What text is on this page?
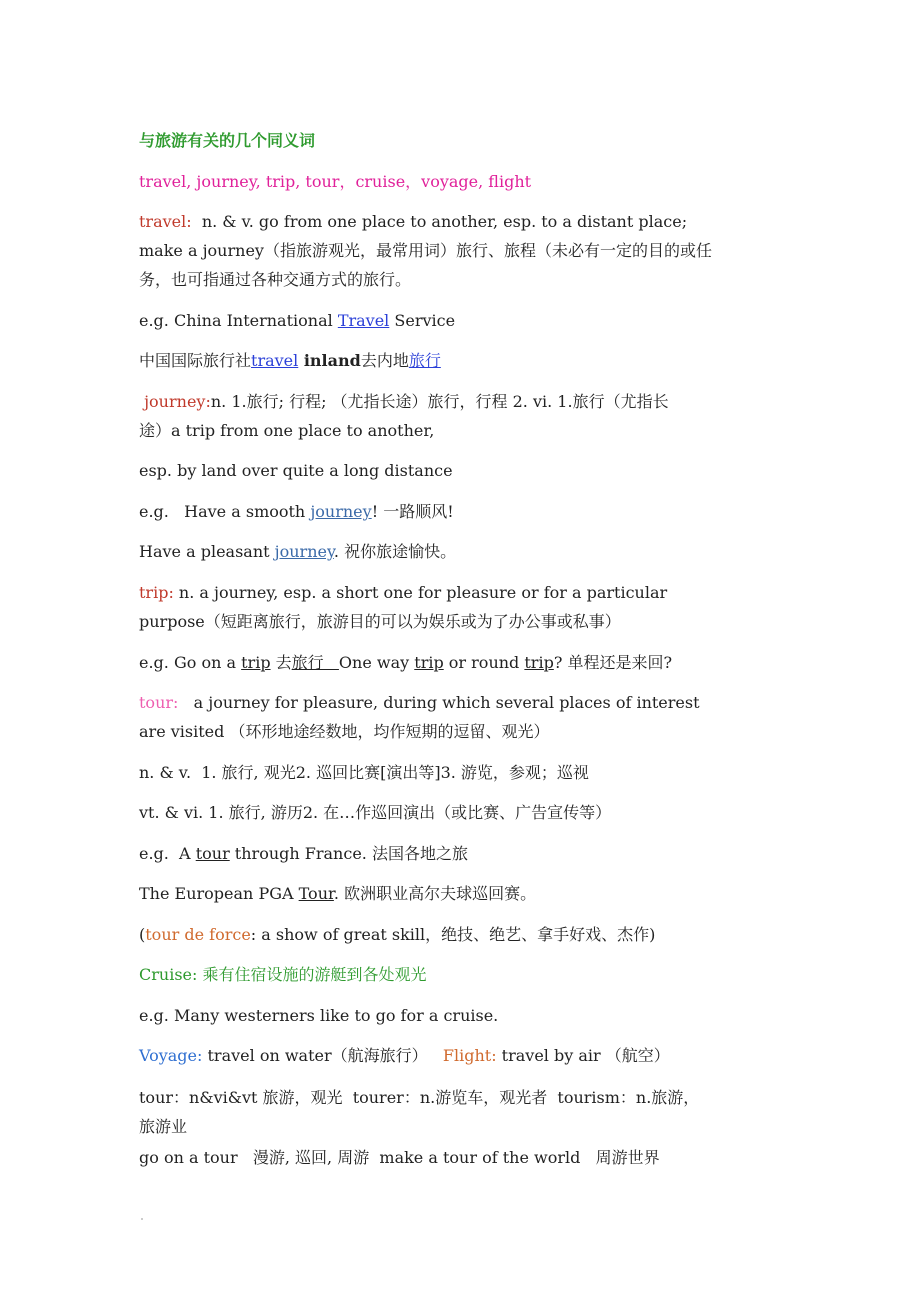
与旅游有关的几个同义词
travel, journey, trip, tour，cruise，voyage, flight
travel:  n. & v. go from one place to another, esp. to a distant place;
make a journey（指旅游观光，最常用词）旅行、旅程（未必有一定的目的或任
务，也可指通过各种交通方式的旅行。
e.g. China International Travel Service
中国国际旅行社travel inland去内地旅行
journey:n. 1.旅行; 行程; （尤指长途）旅行，行程 2. vi. 1.旅行（尤指长
途）a trip from one place to another,
esp. by land over quite a long distance
e.g.   Have a smooth journey! 一路顺风!
Have a pleasant journey. 祝你旅途愉快。
trip: n. a journey, esp. a short one for pleasure or for a particular
purpose（短距离旅行，旅游目的可以为娱乐或为了办公事或私事）
e.g. Go on a trip 去旅行   One way trip or round trip? 单程还是来回?
tour:   a journey for pleasure, during which several places of interest
are visited （环形地途经数地，均作短期的逗留、观光）
n. & v.  1. 旅行, 观光2. 巡回比赛[演出等]3. 游览，参观；巡视
vt. & vi. 1. 旅行, 游历2. 在…作巡回演出（或比赛、广告宣传等）
e.g.  A tour through France. 法国各地之旅
The European PGA Tour. 欧洲职业高尔夫球巡回赛。
(tour de force: a show of great skill，绝技、绝艺、拿手好戏、杰作)
Cruise: 乘有住宿设施的游艇到各处观光
e.g. Many westerners like to go for a cruise.
Voyage: travel on water（航海旅行）   Flight: travel by air （航空）
tour：n&vi&vt 旅游，观光  tourer：n.游览车，观光者  tourism：n.旅游，
旅游业
go on a tour   漫游, 巡回, 周游  make a tour of the world   周游世界
